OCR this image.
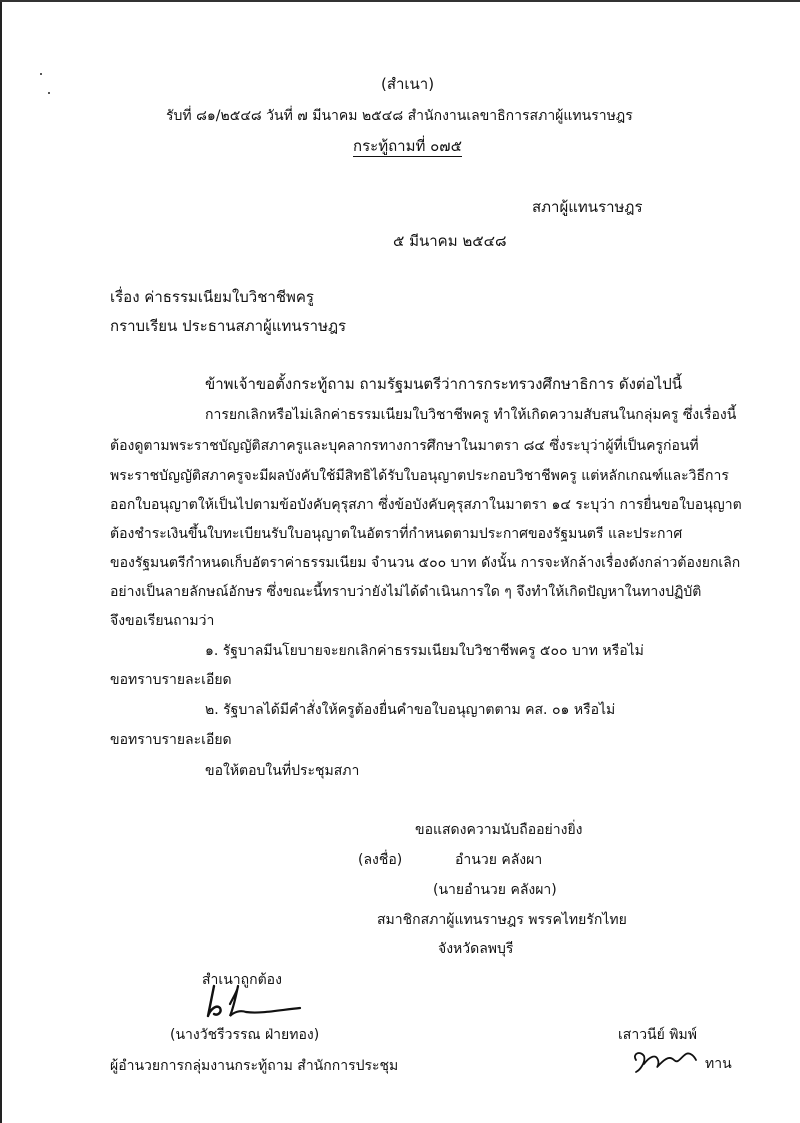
(สำเนา)
รับที่ ๘๑/๒๕๔๘ วันที่ ๗ มีนาคม ๒๕๔๘ สำนักงานเลขาธิการสภาผู้แทนราษฎร
กระทู้ถามที่ ๐๗๕
สภาผู้แทนราษฎร
๕ มีนาคม ๒๕๔๘
เรื่อง ค่าธรรมเนียมใบวิชาชีพครู
กราบเรียน ประธานสภาผู้แทนราษฎร
ข้าพเจ้าขอตั้งกระทู้ถาม ถามรัฐมนตรีว่าการกระทรวงศึกษาธิการ ดังต่อไปนี้
การยกเลิกหรือไม่เลิกค่าธรรมเนียมใบวิชาชีพครู ทำให้เกิดความสับสนในกลุ่มครู ซึ่งเรื่องนี้
ต้องดูตามพระราชบัญญัติสภาครูและบุคลากรทางการศึกษาในมาตรา ๘๔ ซึ่งระบุว่าผู้ที่เป็นครูก่อนที่
พระราชบัญญัติสภาครูจะมีผลบังคับใช้มีสิทธิได้รับใบอนุญาตประกอบวิชาชีพครู แต่หลักเกณฑ์และวิธีการ
ออกใบอนุญาตให้เป็นไปตามข้อบังคับคุรุสภา ซึ่งข้อบังคับคุรุสภาในมาตรา ๑๔ ระบุว่า การยื่นขอใบอนุญาต
ต้องชำระเงินขึ้นใบทะเบียนรับใบอนุญาตในอัตราที่กำหนดตามประกาศของรัฐมนตรี และประกาศ
ของรัฐมนตรีกำหนดเก็บอัตราค่าธรรมเนียม จำนวน ๕๐๐ บาท ดังนั้น การจะหักล้างเรื่องดังกล่าวต้องยกเลิก
อย่างเป็นลายลักษณ์อักษร ซึ่งขณะนี้ทราบว่ายังไม่ได้ดำเนินการใด ๆ จึงทำให้เกิดปัญหาในทางปฏิบัติ
จึงขอเรียนถามว่า
๑. รัฐบาลมีนโยบายจะยกเลิกค่าธรรมเนียมใบวิชาชีพครู ๕๐๐ บาท หรือไม่
ขอทราบรายละเอียด
๒. รัฐบาลได้มีคำสั่งให้ครูต้องยื่นคำขอใบอนุญาตตาม คส. ๐๑ หรือไม่
ขอทราบรายละเอียด
ขอให้ตอบในที่ประชุมสภา
ขอแสดงความนับถืออย่างยิ่ง
(ลงชื่อ)	อำนวย คลังผา
(นายอำนวย คลังผา)
สมาชิกสภาผู้แทนราษฎร พรรคไทยรักไทย
จังหวัดลพบุรี
สำเนาถูกต้อง
(นางวัชรีวรรณ ฝ่ายทอง)
ผู้อำนวยการกลุ่มงานกระทู้ถาม สำนักการประชุม
เสาวนีย์ พิมพ์
ทาน
